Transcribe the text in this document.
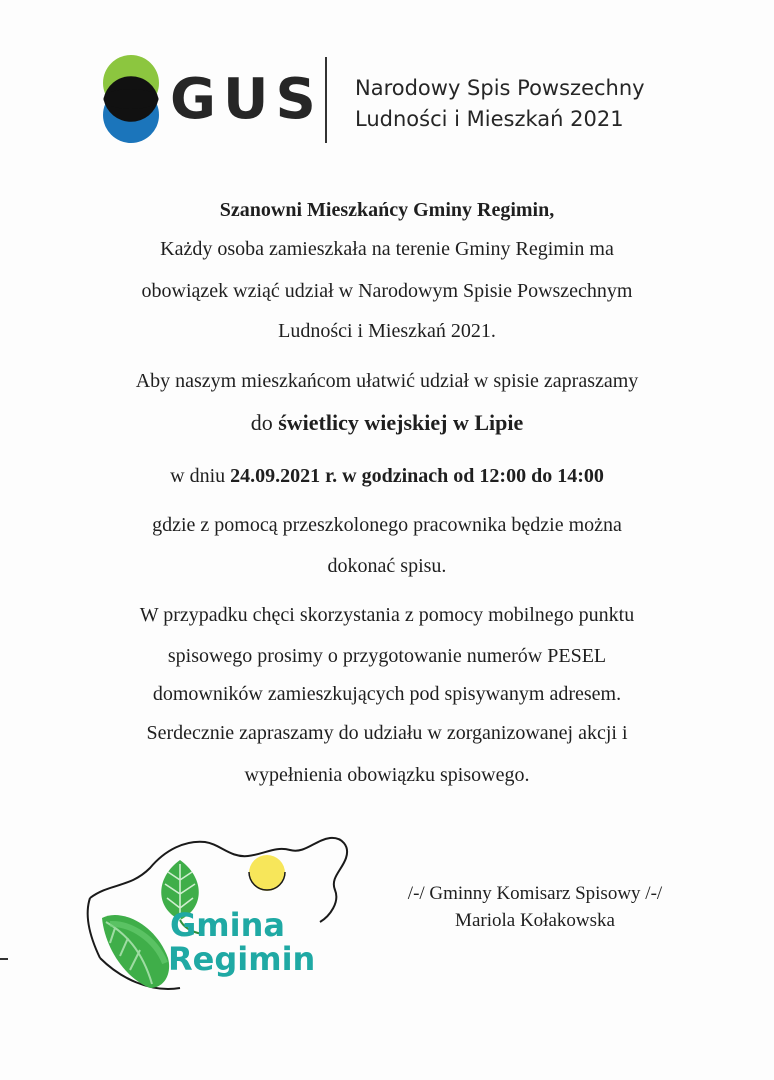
GUS Narodowy Spis Powszechny
Ludności i Mieszkań 2021
Szanowni Mieszkańcy Gminy Regimin,
Każdy osoba zamieszkała na terenie Gminy Regimin ma
obowiązek wziąć udział w Narodowym Spisie Powszechnym
Ludności i Mieszkań 2021.
Aby naszym mieszkańcom ułatwić udział w spisie zapraszamy
do świetlicy wiejskiej w Lipie
w dniu 24.09.2021 r. w godzinach od 12:00 do 14:00
gdzie z pomocą przeszkolonego pracownika będzie można
dokonać spisu.
W przypadku chęci skorzystania z pomocy mobilnego punktu
spisowego prosimy o przygotowanie numerów PESEL
domowników zamieszkujących pod spisywanym adresem.
Serdecznie zapraszamy do udziału w zorganizowanej akcji i
wypełnienia obowiązku spisowego.
Gmina
Regimin
/-/ Gminny Komisarz Spisowy /-/
Mariola Kołakowska
